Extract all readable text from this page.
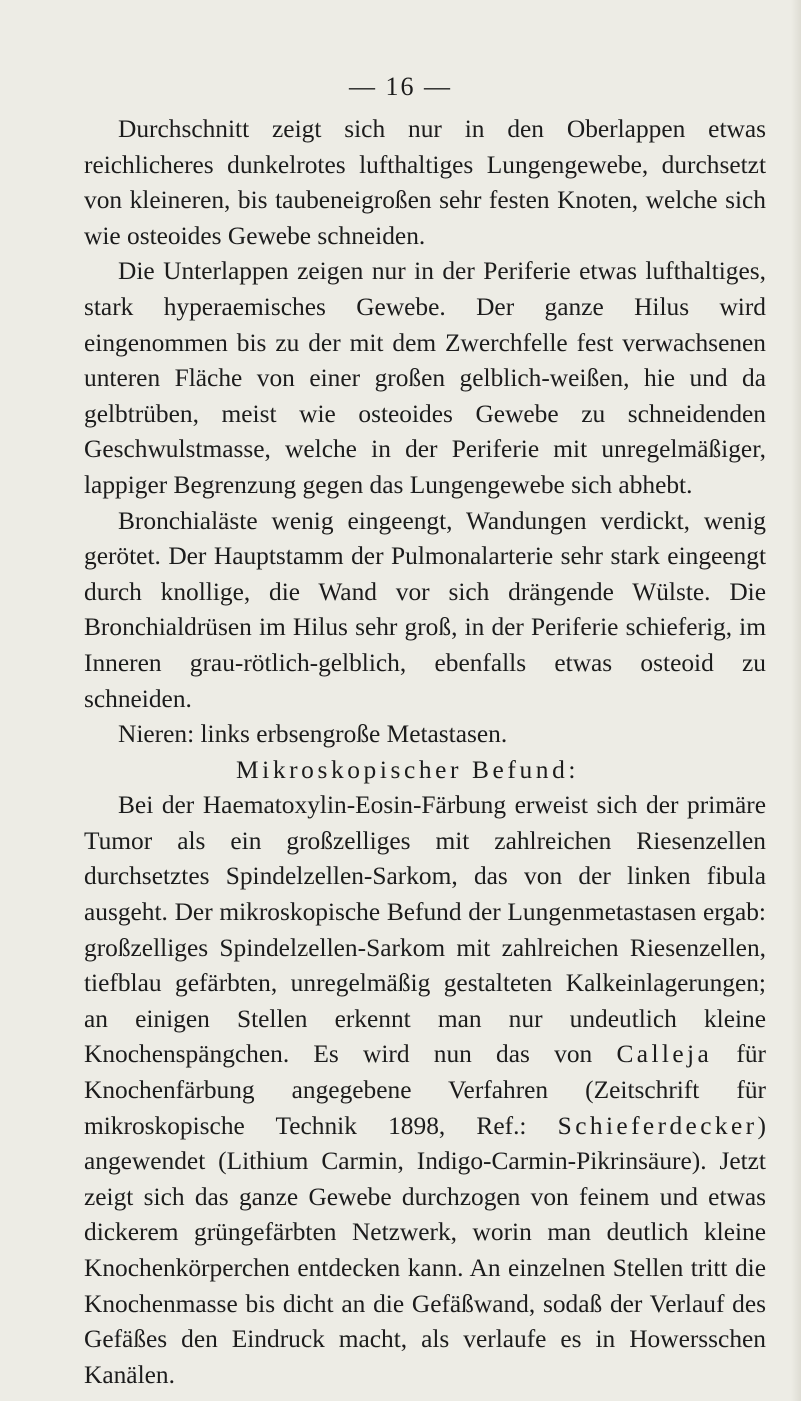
— 16 —

Durchschnitt zeigt sich nur in den Oberlappen etwas reichlicheres dunkelrotes lufthaltiges Lungengewebe, durchsetzt von kleineren, bis taubeneigroßen sehr festen Knoten, welche sich wie osteoides Gewebe schneiden.

Die Unterlappen zeigen nur in der Periferie etwas lufthaltiges, stark hyperaemisches Gewebe. Der ganze Hilus wird eingenommen bis zu der mit dem Zwerchfelle fest verwachsenen unteren Fläche von einer großen gelblich-weißen, hie und da gelbtrüben, meist wie osteoides Gewebe zu schneidenden Geschwulstmasse, welche in der Periferie mit unregelmäßiger, lappiger Begrenzung gegen das Lungengewebe sich abhebt.

Bronchialäste wenig eingeengt, Wandungen verdickt, wenig gerötet. Der Hauptstamm der Pulmonalarterie sehr stark eingeengt durch knollige, die Wand vor sich drängende Wülste. Die Bronchialdrüsen im Hilus sehr groß, in der Periferie schieferig, im Inneren grau-rötlich-gelblich, ebenfalls etwas osteoid zu schneiden.

Nieren: links erbsengroße Metastasen.

Mikroskopischer Befund:

Bei der Haematoxylin-Eosin-Färbung erweist sich der primäre Tumor als ein großzelliges mit zahlreichen Riesenzellen durchsetztes Spindelzellen-Sarkom, das von der linken fibula ausgeht. Der mikroskopische Befund der Lungenmetastasen ergab: großzelliges Spindelzellen-Sarkom mit zahlreichen Riesenzellen, tiefblau gefärbten, unregelmäßig gestalteten Kalkeinlagerungen; an einigen Stellen erkennt man nur undeutlich kleine Knochenspängchen. Es wird nun das von Calleja für Knochenfärbung angegebene Verfahren (Zeitschrift für mikroskopische Technik 1898, Ref.: Schieferdecker) angewendet (Lithium Carmin, Indigo-Carmin-Pikrinsäure). Jetzt zeigt sich das ganze Gewebe durchzogen von feinem und etwas dickerem grüngefärbten Netzwerk, worin man deutlich kleine Knochenkörperchen entdecken kann. An einzelnen Stellen tritt die Knochenmasse bis dicht an die Gefäßwand, sodaß der Verlauf des Gefäßes den Eindruck macht, als verlaufe es in Howersschen Kanälen.
